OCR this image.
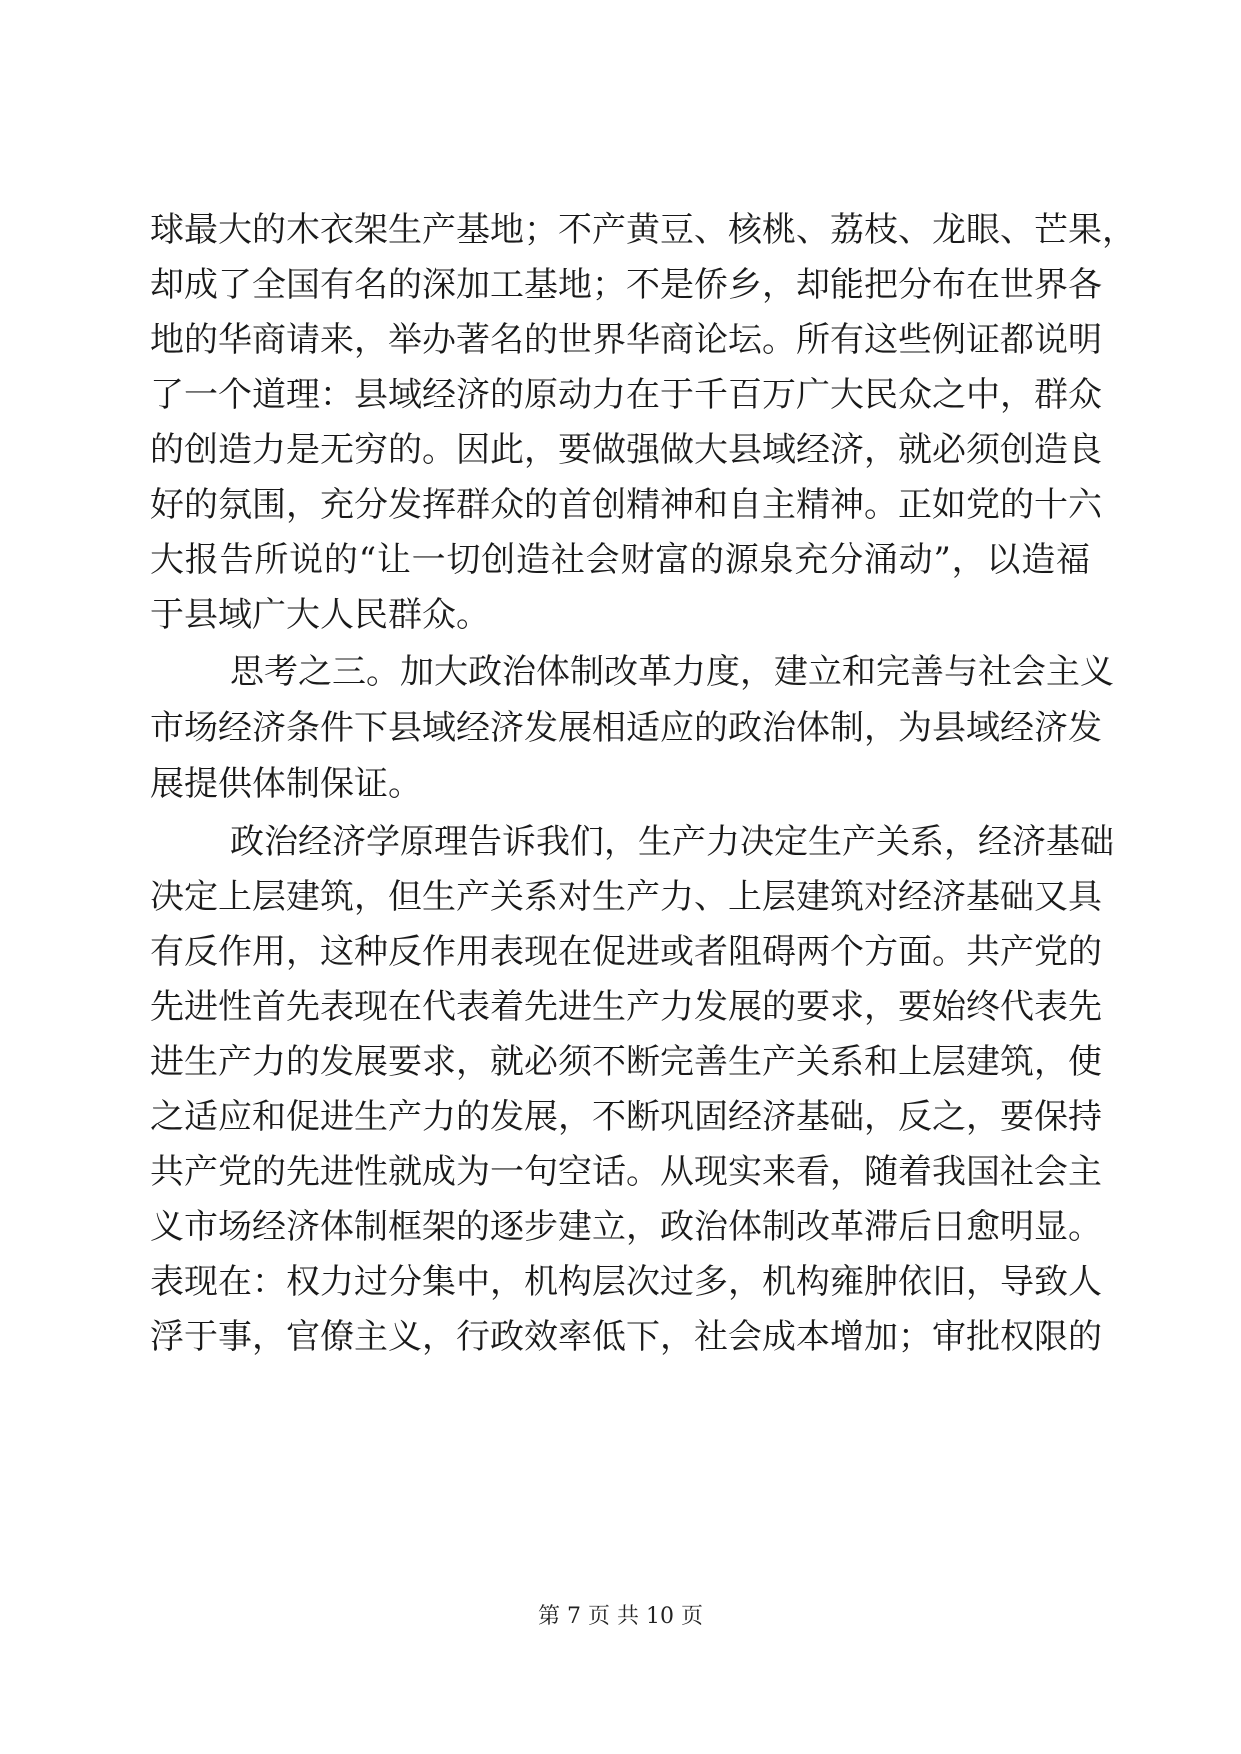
球最大的木衣架生产基地；不产黄豆、核桃、荔枝、龙眼、芒果，
却成了全国有名的深加工基地；不是侨乡，却能把分布在世界各
地的华商请来，举办著名的世界华商论坛。所有这些例证都说明
了一个道理：县域经济的原动力在于千百万广大民众之中，群众
的创造力是无穷的。因此，要做强做大县域经济，就必须创造良
好的氛围，充分发挥群众的首创精神和自主精神。正如党的十六
大报告所说的“让一切创造社会财富的源泉充分涌动”，以造福
于县域广大人民群众。
思考之三。加大政治体制改革力度，建立和完善与社会主义
市场经济条件下县域经济发展相适应的政治体制，为县域经济发
展提供体制保证。
政治经济学原理告诉我们，生产力决定生产关系，经济基础
决定上层建筑，但生产关系对生产力、上层建筑对经济基础又具
有反作用，这种反作用表现在促进或者阻碍两个方面。共产党的
先进性首先表现在代表着先进生产力发展的要求，要始终代表先
进生产力的发展要求，就必须不断完善生产关系和上层建筑，使
之适应和促进生产力的发展，不断巩固经济基础，反之，要保持
共产党的先进性就成为一句空话。从现实来看，随着我国社会主
义市场经济体制框架的逐步建立，政治体制改革滞后日愈明显。
表现在：权力过分集中，机构层次过多，机构雍肿依旧，导致人
浮于事，官僚主义，行政效率低下，社会成本增加；审批权限的
第 7 页 共 10 页
